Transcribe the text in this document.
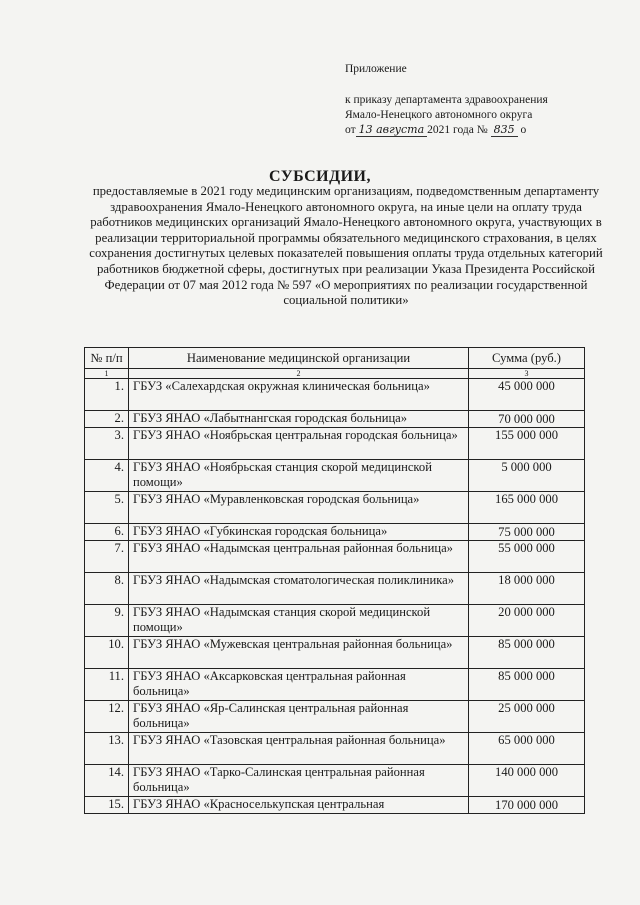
Приложение
к приказу департамента здравоохранения
Ямало-Ненецкого автономного округа
от 13 августа 2021 года № 835 о
СУБСИДИИ,
предоставляемые в 2021 году медицинским организациям, подведомственным департаменту здравоохранения Ямало-Ненецкого автономного округа, на иные цели на оплату труда работников медицинских организаций Ямало-Ненецкого автономного округа, участвующих в реализации территориальной программы обязательного медицинского страхования, в целях сохранения достигнутых целевых показателей повышения оплаты труда отдельных категорий работников бюджетной сферы, достигнутых при реализации Указа Президента Российской Федерации от 07 мая 2012 года № 597 «О мероприятиях по реализации государственной социальной политики»
№ п/п	Наименование медицинской организации	Сумма (руб.)
1	2	3
1.	ГБУЗ «Салехардская окружная клиническая больница»	45 000 000
2.	ГБУЗ ЯНАО «Лабытнангская городская больница»	70 000 000
3.	ГБУЗ ЯНАО «Ноябрьская центральная городская больница»	155 000 000
4.	ГБУЗ ЯНАО «Ноябрьская станция скорой медицинской помощи»	5 000 000
5.	ГБУЗ ЯНАО «Муравленковская городская больница»	165 000 000
6.	ГБУЗ ЯНАО «Губкинская городская больница»	75 000 000
7.	ГБУЗ ЯНАО «Надымская центральная районная больница»	55 000 000
8.	ГБУЗ ЯНАО «Надымская стоматологическая поликлиника»	18 000 000
9.	ГБУЗ ЯНАО «Надымская станция скорой медицинской помощи»	20 000 000
10.	ГБУЗ ЯНАО «Мужевская центральная районная больница»	85 000 000
11.	ГБУЗ ЯНАО «Аксарковская центральная районная больница»	85 000 000
12.	ГБУЗ ЯНАО «Яр-Салинская центральная районная больница»	25 000 000
13.	ГБУЗ ЯНАО «Тазовская центральная районная больница»	65 000 000
14.	ГБУЗ ЯНАО «Тарко-Салинская центральная районная больница»	140 000 000
15.	ГБУЗ ЯНАО «Красноселькупская центральная	170 000 000
